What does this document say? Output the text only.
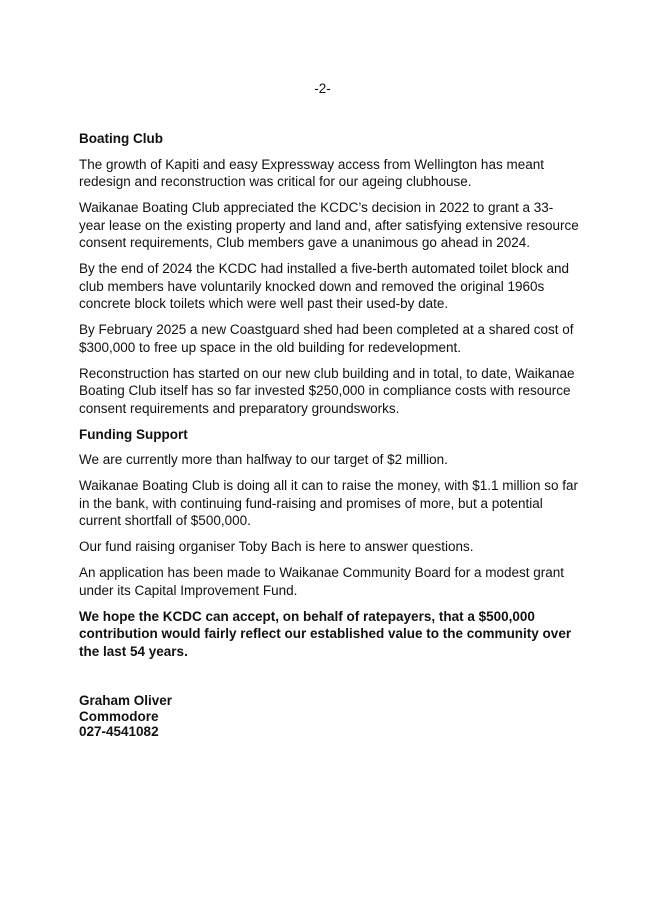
-2-

Boating Club

The growth of Kapiti and easy Expressway access from Wellington has meant redesign and reconstruction was critical for our ageing clubhouse.

Waikanae Boating Club appreciated the KCDC’s decision in 2022 to grant a 33-year lease on the existing property and land and, after satisfying extensive resource consent requirements, Club members gave a unanimous go ahead in 2024.

By the end of 2024 the KCDC had installed a five-berth automated toilet block and club members have voluntarily knocked down and removed the original 1960s concrete block toilets which were well past their used-by date.

By February 2025 a new Coastguard shed had been completed at a shared cost of $300,000 to free up space in the old building for redevelopment.

Reconstruction has started on our new club building and in total, to date, Waikanae Boating Club itself has so far invested $250,000 in compliance costs with resource consent requirements and preparatory groundsworks.

Funding Support

We are currently more than halfway to our target of $2 million.

Waikanae Boating Club is doing all it can to raise the money, with $1.1 million so far in the bank, with continuing fund-raising and promises of more, but a potential current shortfall of $500,000.

Our fund raising organiser Toby Bach is here to answer questions.

An application has been made to Waikanae Community Board for a modest grant under its Capital Improvement Fund.

We hope the KCDC can accept, on behalf of ratepayers, that a $500,000 contribution would fairly reflect our established value to the community over the last 54 years.

Graham Oliver
Commodore
027-4541082
